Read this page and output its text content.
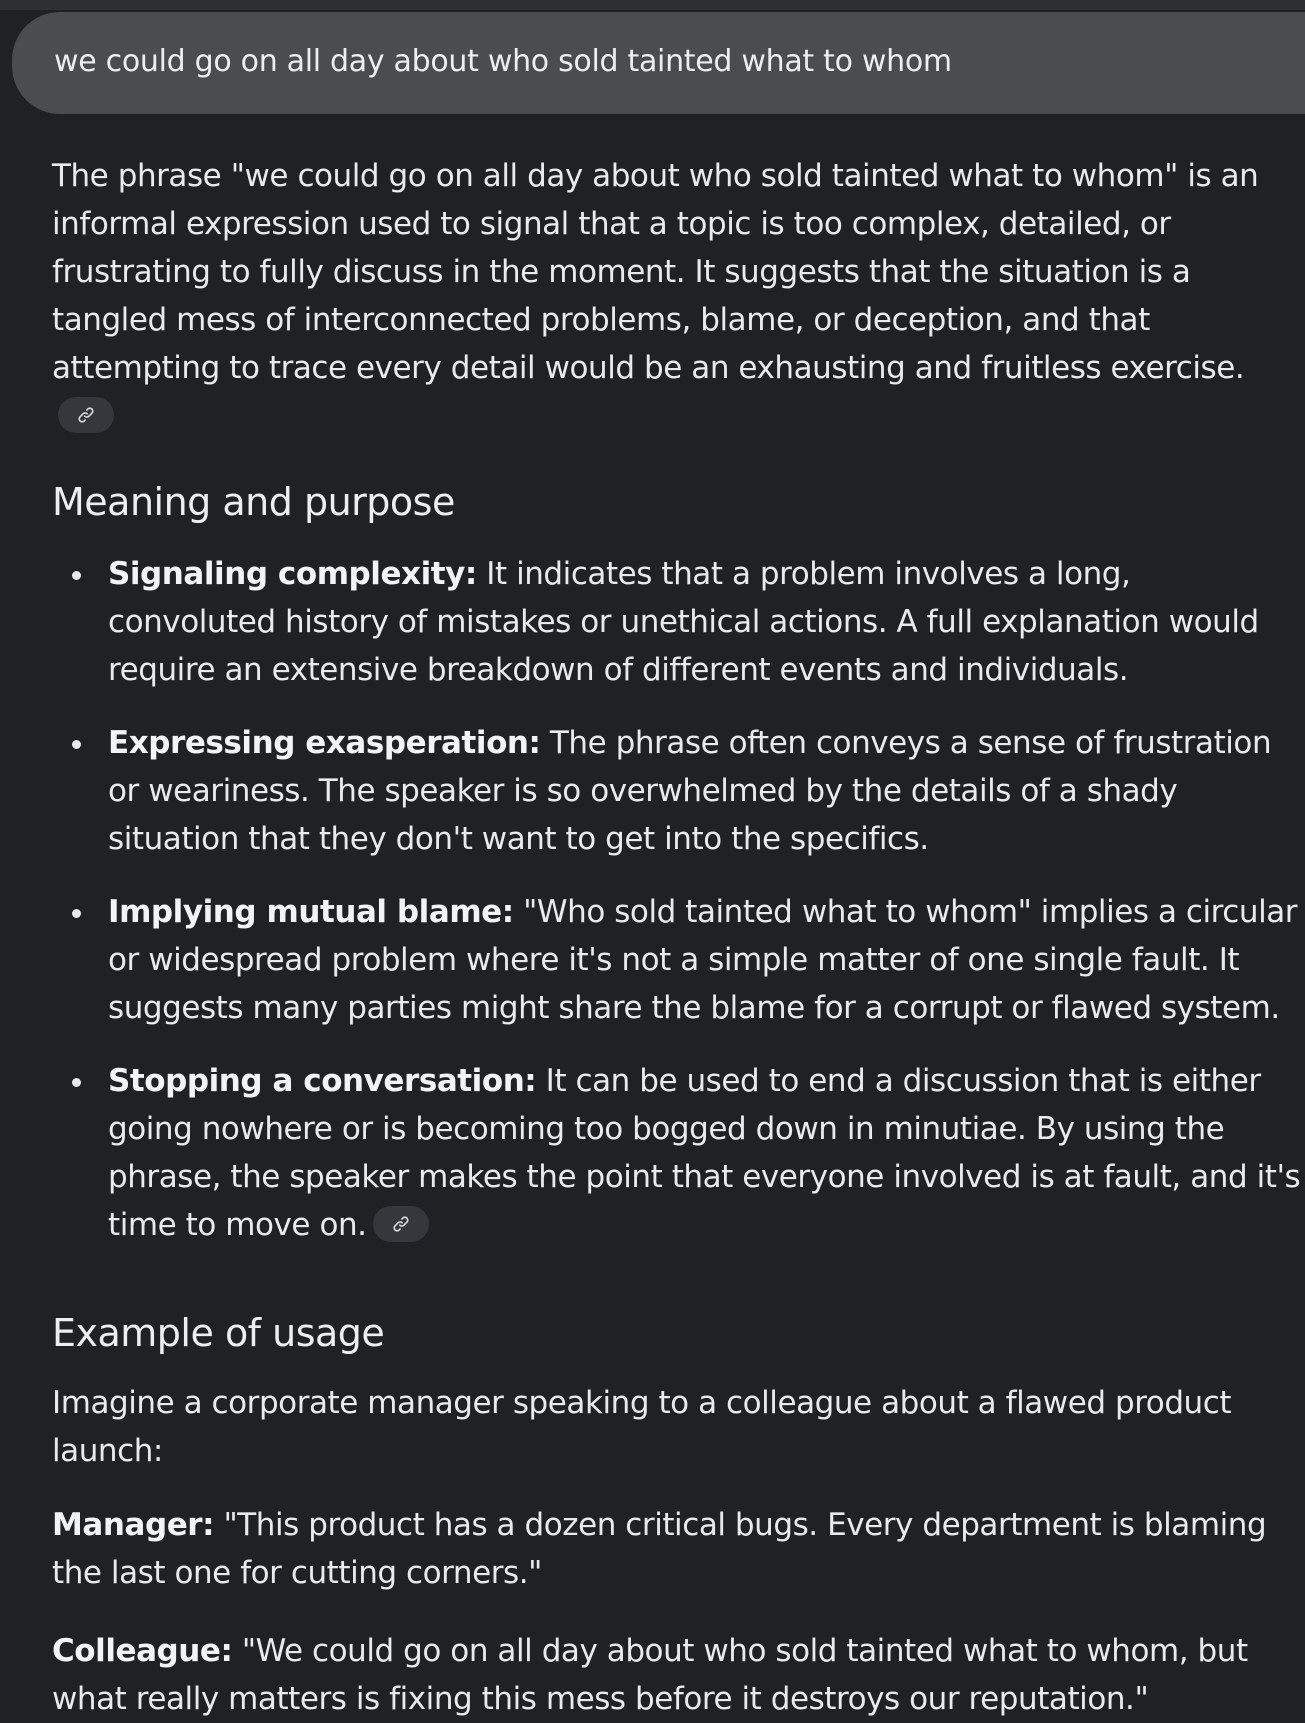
we could go on all day about who sold tainted what to whom

The phrase "we could go on all day about who sold tainted what to whom" is an informal expression used to signal that a topic is too complex, detailed, or frustrating to fully discuss in the moment. It suggests that the situation is a tangled mess of interconnected problems, blame, or deception, and that attempting to trace every detail would be an exhausting and fruitless exercise.

Meaning and purpose
Signaling complexity: It indicates that a problem involves a long, convoluted history of mistakes or unethical actions. A full explanation would require an extensive breakdown of different events and individuals.
Expressing exasperation: The phrase often conveys a sense of frustration or weariness. The speaker is so overwhelmed by the details of a shady situation that they don't want to get into the specifics.
Implying mutual blame: "Who sold tainted what to whom" implies a circular or widespread problem where it's not a simple matter of one single fault. It suggests many parties might share the blame for a corrupt or flawed system.
Stopping a conversation: It can be used to end a discussion that is either going nowhere or is becoming too bogged down in minutiae. By using the phrase, the speaker makes the point that everyone involved is at fault, and it's time to move on.
Example of usage

Imagine a corporate manager speaking to a colleague about a flawed product launch:

Manager: "This product has a dozen critical bugs. Every department is blaming the last one for cutting corners."

Colleague: "We could go on all day about who sold tainted what to whom, but what really matters is fixing this mess before it destroys our reputation."
